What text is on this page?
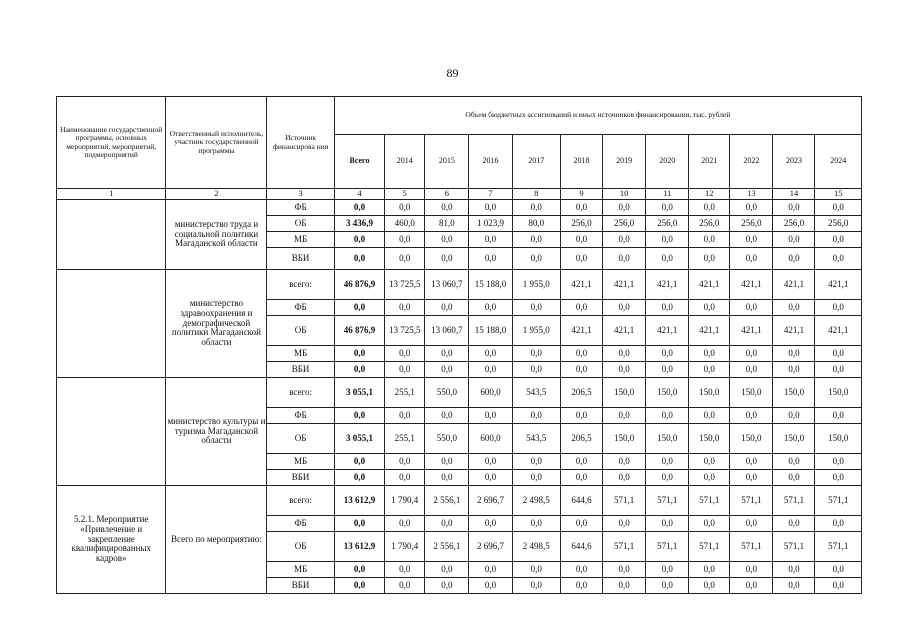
89
Наименование государственной программы, основных мероприятий, мероприятий, подмероприятий	Ответственный исполнитель, участник государственной программы	Источник финансирова ния	Объем бюджетных ассигнований и иных источников финансирования, тыс. рублей											
			Всего	2014	2015	2016	2017	2018	2019	2020	2021	2022	2023	2024
1	2	3	4	5	6	7	8	9	10	11	12	13	14	15
	министерство труда и социальной политики Магаданской области	ФБ	0,0	0,0	0,0	0,0	0,0	0,0	0,0	0,0	0,0	0,0	0,0	0,0
		ОБ	3 436,9	460,0	81,0	1 023,9	80,0	256,0	256,0	256,0	256,0	256,0	256,0	256,0
		МБ	0,0	0,0	0,0	0,0	0,0	0,0	0,0	0,0	0,0	0,0	0,0	0,0
		ВБИ	0,0	0,0	0,0	0,0	0,0	0,0	0,0	0,0	0,0	0,0	0,0	0,0
	министерство здравоохранения и демографической политики Магаданской области	всего:	46 876,9	13 725,5	13 060,7	15 188,0	1 955,0	421,1	421,1	421,1	421,1	421,1	421,1	421,1
		ФБ	0,0	0,0	0,0	0,0	0,0	0,0	0,0	0,0	0,0	0,0	0,0	0,0
		ОБ	46 876,9	13 725,5	13 060,7	15 188,0	1 955,0	421,1	421,1	421,1	421,1	421,1	421,1	421,1
		МБ	0,0	0,0	0,0	0,0	0,0	0,0	0,0	0,0	0,0	0,0	0,0	0,0
		ВБИ	0,0	0,0	0,0	0,0	0,0	0,0	0,0	0,0	0,0	0,0	0,0	0,0
	министерство культуры и туризма Магаданской области	всего:	3 055,1	255,1	550,0	600,0	543,5	206,5	150,0	150,0	150,0	150,0	150,0	150,0
		ФБ	0,0	0,0	0,0	0,0	0,0	0,0	0,0	0,0	0,0	0,0	0,0	0,0
		ОБ	3 055,1	255,1	550,0	600,0	543,5	206,5	150,0	150,0	150,0	150,0	150,0	150,0
		МБ	0,0	0,0	0,0	0,0	0,0	0,0	0,0	0,0	0,0	0,0	0,0	0,0
		ВБИ	0,0	0,0	0,0	0,0	0,0	0,0	0,0	0,0	0,0	0,0	0,0	0,0
5.2.1. Мероприятие «Привлечение и закрепление квалифицированных кадров»	Всего по мероприятию:	всего:	13 612,9	1 790,4	2 556,1	2 696,7	2 498,5	644,6	571,1	571,1	571,1	571,1	571,1	571,1
		ФБ	0,0	0,0	0,0	0,0	0,0	0,0	0,0	0,0	0,0	0,0	0,0	0,0
		ОБ	13 612,9	1 790,4	2 556,1	2 696,7	2 498,5	644,6	571,1	571,1	571,1	571,1	571,1	571,1
		МБ	0,0	0,0	0,0	0,0	0,0	0,0	0,0	0,0	0,0	0,0	0,0	0,0
		ВБИ	0,0	0,0	0,0	0,0	0,0	0,0	0,0	0,0	0,0	0,0	0,0	0,0
